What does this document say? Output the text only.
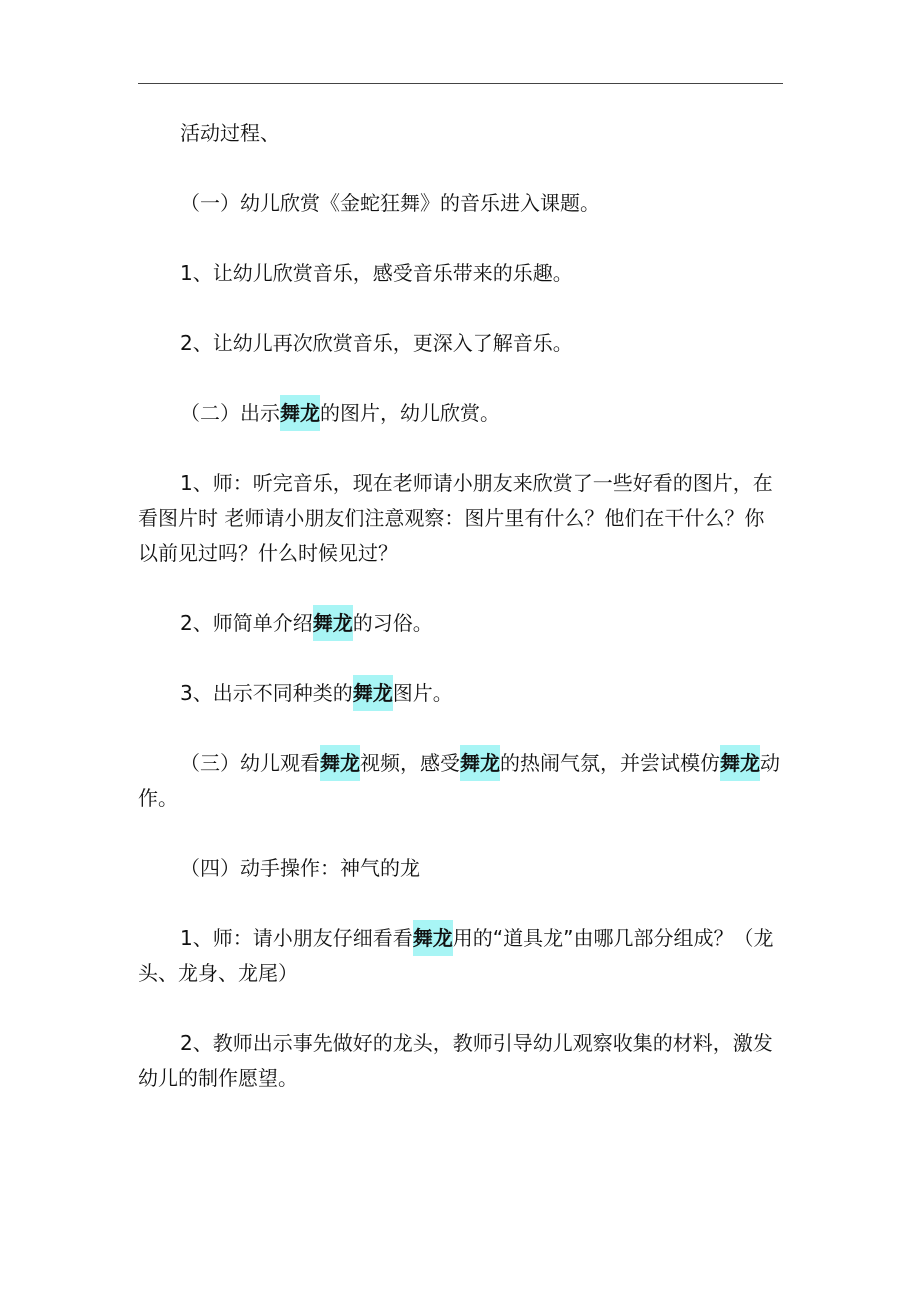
活动过程、

（一）幼儿欣赏《金蛇狂舞》的音乐进入课题。

1、让幼儿欣赏音乐，感受音乐带来的乐趣。

2、让幼儿再次欣赏音乐，更深入了解音乐。

（二）出示舞龙的图片，幼儿欣赏。

1、师：听完音乐，现在老师请小朋友来欣赏了一些好看的图片，在看图片时 老师请小朋友们注意观察：图片里有什么？他们在干什么？你以前见过吗？什么时候见过？

2、师简单介绍舞龙的习俗。

3、出示不同种类的舞龙图片。

（三）幼儿观看舞龙视频，感受舞龙的热闹气氛，并尝试模仿舞龙动作。

（四）动手操作：神气的龙

1、师：请小朋友仔细看看舞龙用的“道具龙”由哪几部分组成？（龙头、龙身、龙尾）

2、教师出示事先做好的龙头，教师引导幼儿观察收集的材料，激发幼儿的制作愿望。
